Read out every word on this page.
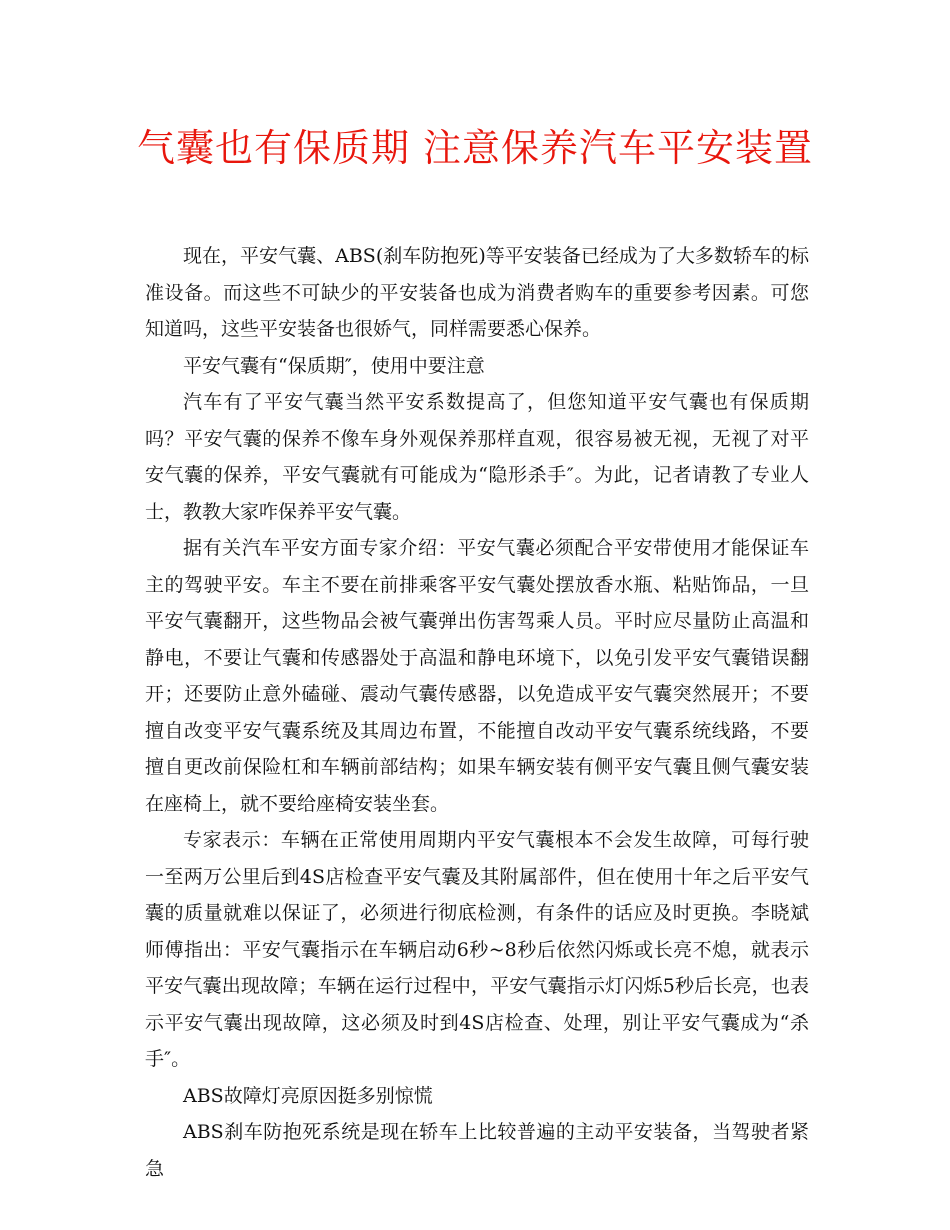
气囊也有保质期 注意保养汽车平安装置

现在，平安气囊、ABS(刹车防抱死)等平安装备已经成为了大多数轿车的标准设备。而这些不可缺少的平安装备也成为消费者购车的重要参考因素。可您知道吗，这些平安装备也很娇气，同样需要悉心保养。

平安气囊有“保质期″，使用中要注意

汽车有了平安气囊当然平安系数提高了，但您知道平安气囊也有保质期吗？平安气囊的保养不像车身外观保养那样直观，很容易被无视，无视了对平安气囊的保养，平安气囊就有可能成为“隐形杀手″。为此，记者请教了专业人士，教教大家咋保养平安气囊。

据有关汽车平安方面专家介绍：平安气囊必须配合平安带使用才能保证车主的驾驶平安。车主不要在前排乘客平安气囊处摆放香水瓶、粘贴饰品，一旦平安气囊翻开，这些物品会被气囊弹出伤害驾乘人员。平时应尽量防止高温和静电，不要让气囊和传感器处于高温和静电环境下，以免引发平安气囊错误翻开；还要防止意外磕碰、震动气囊传感器，以免造成平安气囊突然展开；不要擅自改变平安气囊系统及其周边布置，不能擅自改动平安气囊系统线路，不要擅自更改前保险杠和车辆前部结构；如果车辆安装有侧平安气囊且侧气囊安装在座椅上，就不要给座椅安装坐套。

专家表示：车辆在正常使用周期内平安气囊根本不会发生故障，可每行驶一至两万公里后到4S店检查平安气囊及其附属部件，但在使用十年之后平安气囊的质量就难以保证了，必须进行彻底检测，有条件的话应及时更换。李晓斌师傅指出：平安气囊指示在车辆启动6秒~8秒后依然闪烁或长亮不熄，就表示平安气囊出现故障；车辆在运行过程中，平安气囊指示灯闪烁5秒后长亮，也表示平安气囊出现故障，这必须及时到4S店检查、处理，别让平安气囊成为“杀手″。

ABS故障灯亮原因挺多别惊慌

ABS刹车防抱死系统是现在轿车上比较普遍的主动平安装备，当驾驶者紧急
